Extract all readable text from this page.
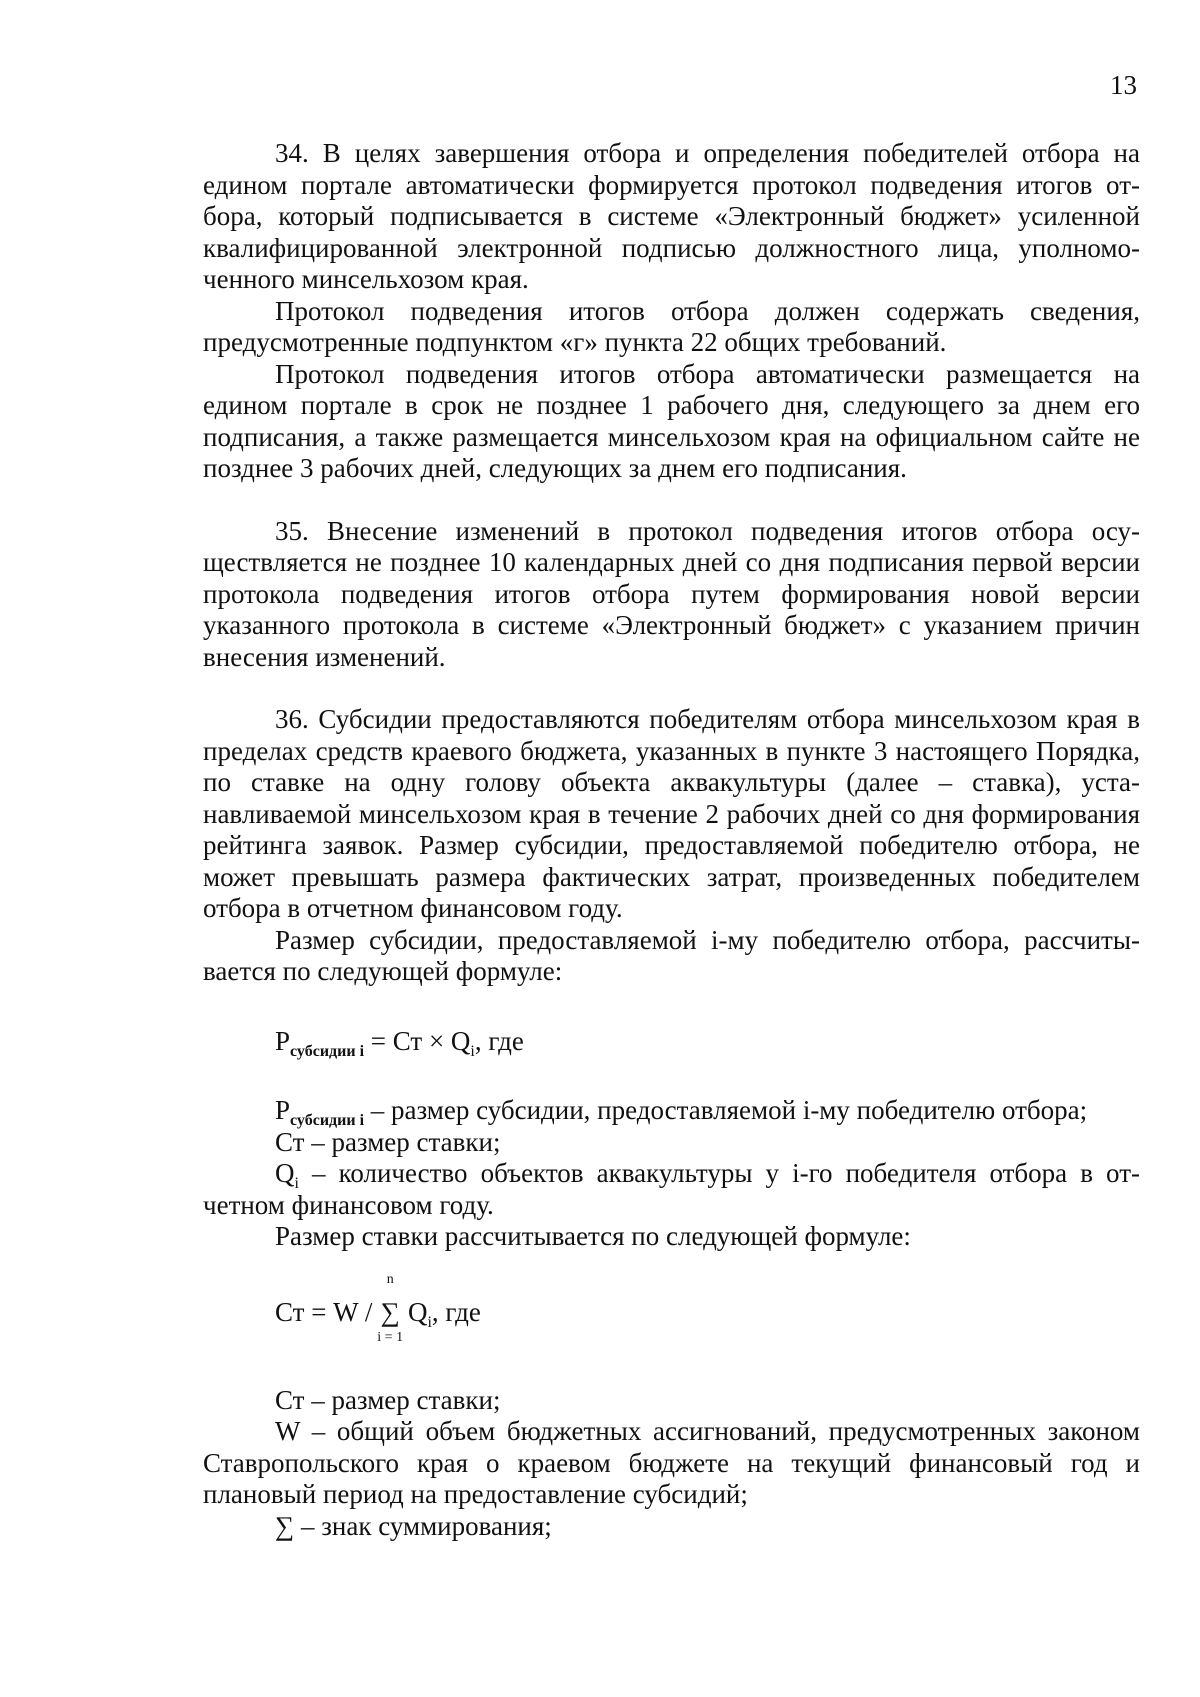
13

34. В целях завершения отбора и определения победителей отбора на едином портале автоматически формируется протокол подведения итогов отбора, который подписывается в системе «Электронный бюджет» усиленной квалифицированной электронной подписью должностного лица, уполномоченного минсельхозом края.

Протокол подведения итогов отбора должен содержать сведения, предусмотренные подпунктом «г» пункта 22 общих требований.

Протокол подведения итогов отбора автоматически размещается на едином портале в срок не позднее 1 рабочего дня, следующего за днем его подписания, а также размещается минсельхозом края на официальном сайте не позднее 3 рабочих дней, следующих за днем его подписания.

35. Внесение изменений в протокол подведения итогов отбора осуществляется не позднее 10 календарных дней со дня подписания первой версии протокола подведения итогов отбора путем формирования новой версии указанного протокола в системе «Электронный бюджет» с указанием причин внесения изменений.

36. Субсидии предоставляются победителям отбора минсельхозом края в пределах средств краевого бюджета, указанных в пункте 3 настоящего Порядка, по ставке на одну голову объекта аквакультуры (далее – ставка), устанавливаемой минсельхозом края в течение 2 рабочих дней со дня формирования рейтинга заявок. Размер субсидии, предоставляемой победителю отбора, не может превышать размера фактических затрат, произведенных победителем отбора в отчетном финансовом году.

Размер субсидии, предоставляемой i-му победителю отбора, рассчитывается по следующей формуле:

$Р_{субсидии i}$ = Ст × $Q_i$, где

$Р_{субсидии i}$ – размер субсидии, предоставляемой i-му победителю отбора;

Ст – размер ставки;

$Q_i$ – количество объектов аквакультуры у i-го победителя отбора в отчетном финансовом году.

Размер ставки рассчитывается по следующей формуле:

Ст = W /
n
∑
i = 1
$Q_i$, где

Ст – размер ставки;

W – общий объем бюджетных ассигнований, предусмотренных законом Ставропольского края о краевом бюджете на текущий финансовый год и плановый период на предоставление субсидий;

∑ – знак суммирования;
